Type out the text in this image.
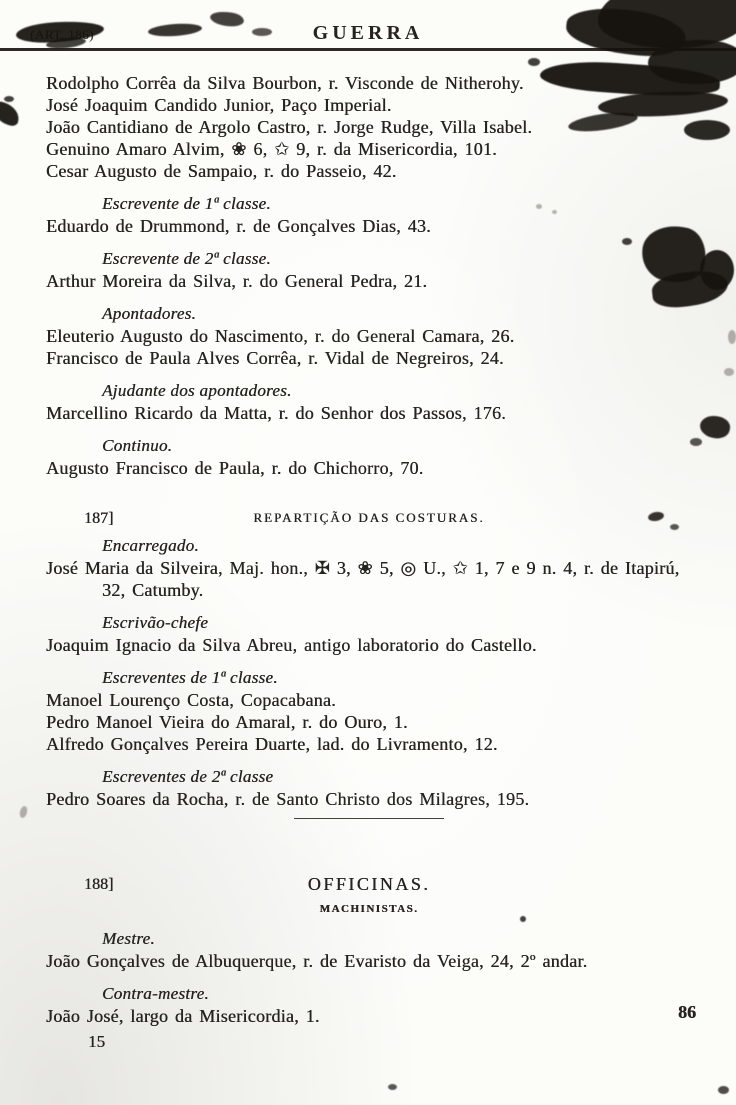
GUERRA

Rodolpho Corrêa da Silva Bourbon, r. Visconde de Nitherohy.

José Joaquim Candido Junior, Paço Imperial.

João Cantidiano de Argolo Castro, r. Jorge Rudge, Villa Isabel.

Genuino Amaro Alvim, ❀ 6, ✩ 9, r. da Misericordia, 101.

Cesar Augusto de Sampaio, r. do Passeio, 42.

Escrevente de 1ª classe.

Eduardo de Drummond, r. de Gonçalves Dias, 43.

Escrevente de 2ª classe.

Arthur Moreira da Silva, r. do General Pedra, 21.

Apontadores.

Eleuterio Augusto do Nascimento, r. do General Camara, 26.

Francisco de Paula Alves Corrêa, r. Vidal de Negreiros, 24.

Ajudante dos apontadores.

Marcellino Ricardo da Matta, r. do Senhor dos Passos, 176.

Continuo.

Augusto Francisco de Paula, r. do Chichorro, 70.

187]	REPARTIÇÃO DAS COSTURAS.
Encarregado.

José Maria da Silveira, Maj. hon., ✠ 3, ❀ 5, ◎ U., ✩ 1, 7 e 9 n. 4, r. de Itapirú, 32, Catumby.

Escrivão-chefe

Joaquim Ignacio da Silva Abreu, antigo laboratorio do Castello.

Escreventes de 1ª classe.

Manoel Lourenço Costa, Copacabana.

Pedro Manoel Vieira do Amaral, r. do Ouro, 1.

Alfredo Gonçalves Pereira Duarte, lad. do Livramento, 12.

Escreventes de 2ª classe

Pedro Soares da Rocha, r. de Santo Christo dos Milagres, 195.

188]	OFFICINAS.
MACHINISTAS.
Mestre.

João Gonçalves de Albuquerque, r. de Evaristo da Veiga, 24, 2º andar.

Contra-mestre.

João José, largo da Misericordia, 1.

15

86
